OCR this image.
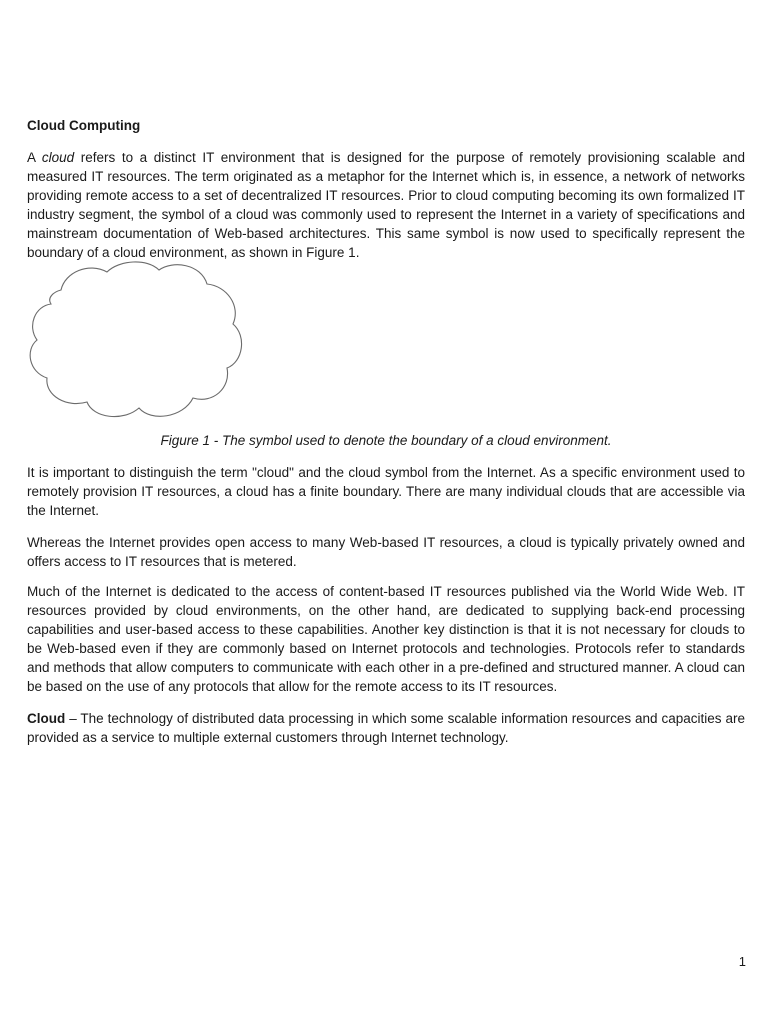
Cloud Computing

A cloud refers to a distinct IT environment that is designed for the purpose of remotely provisioning scalable and measured IT resources. The term originated as a metaphor for the Internet which is, in essence, a network of networks providing remote access to a set of decentralized IT resources. Prior to cloud computing becoming its own formalized IT industry segment, the symbol of a cloud was commonly used to represent the Internet in a variety of specifications and mainstream documentation of Web-based architectures. This same symbol is now used to specifically represent the boundary of a cloud environment, as shown in Figure 1.

Figure 1 - The symbol used to denote the boundary of a cloud environment.

It is important to distinguish the term "cloud" and the cloud symbol from the Internet. As a specific environment used to remotely provision IT resources, a cloud has a finite boundary. There are many individual clouds that are accessible via the Internet.

Whereas the Internet provides open access to many Web-based IT resources, a cloud is typically privately owned and offers access to IT resources that is metered.

Much of the Internet is dedicated to the access of content-based IT resources published via the World Wide Web. IT resources provided by cloud environments, on the other hand, are dedicated to supplying back-end processing capabilities and user-based access to these capabilities. Another key distinction is that it is not necessary for clouds to be Web-based even if they are commonly based on Internet protocols and technologies. Protocols refer to standards and methods that allow computers to communicate with each other in a pre-defined and structured manner. A cloud can be based on the use of any protocols that allow for the remote access to its IT resources.

Cloud – The technology of distributed data processing in which some scalable information resources and capacities are provided as a service to multiple external customers through Internet technology.

1
